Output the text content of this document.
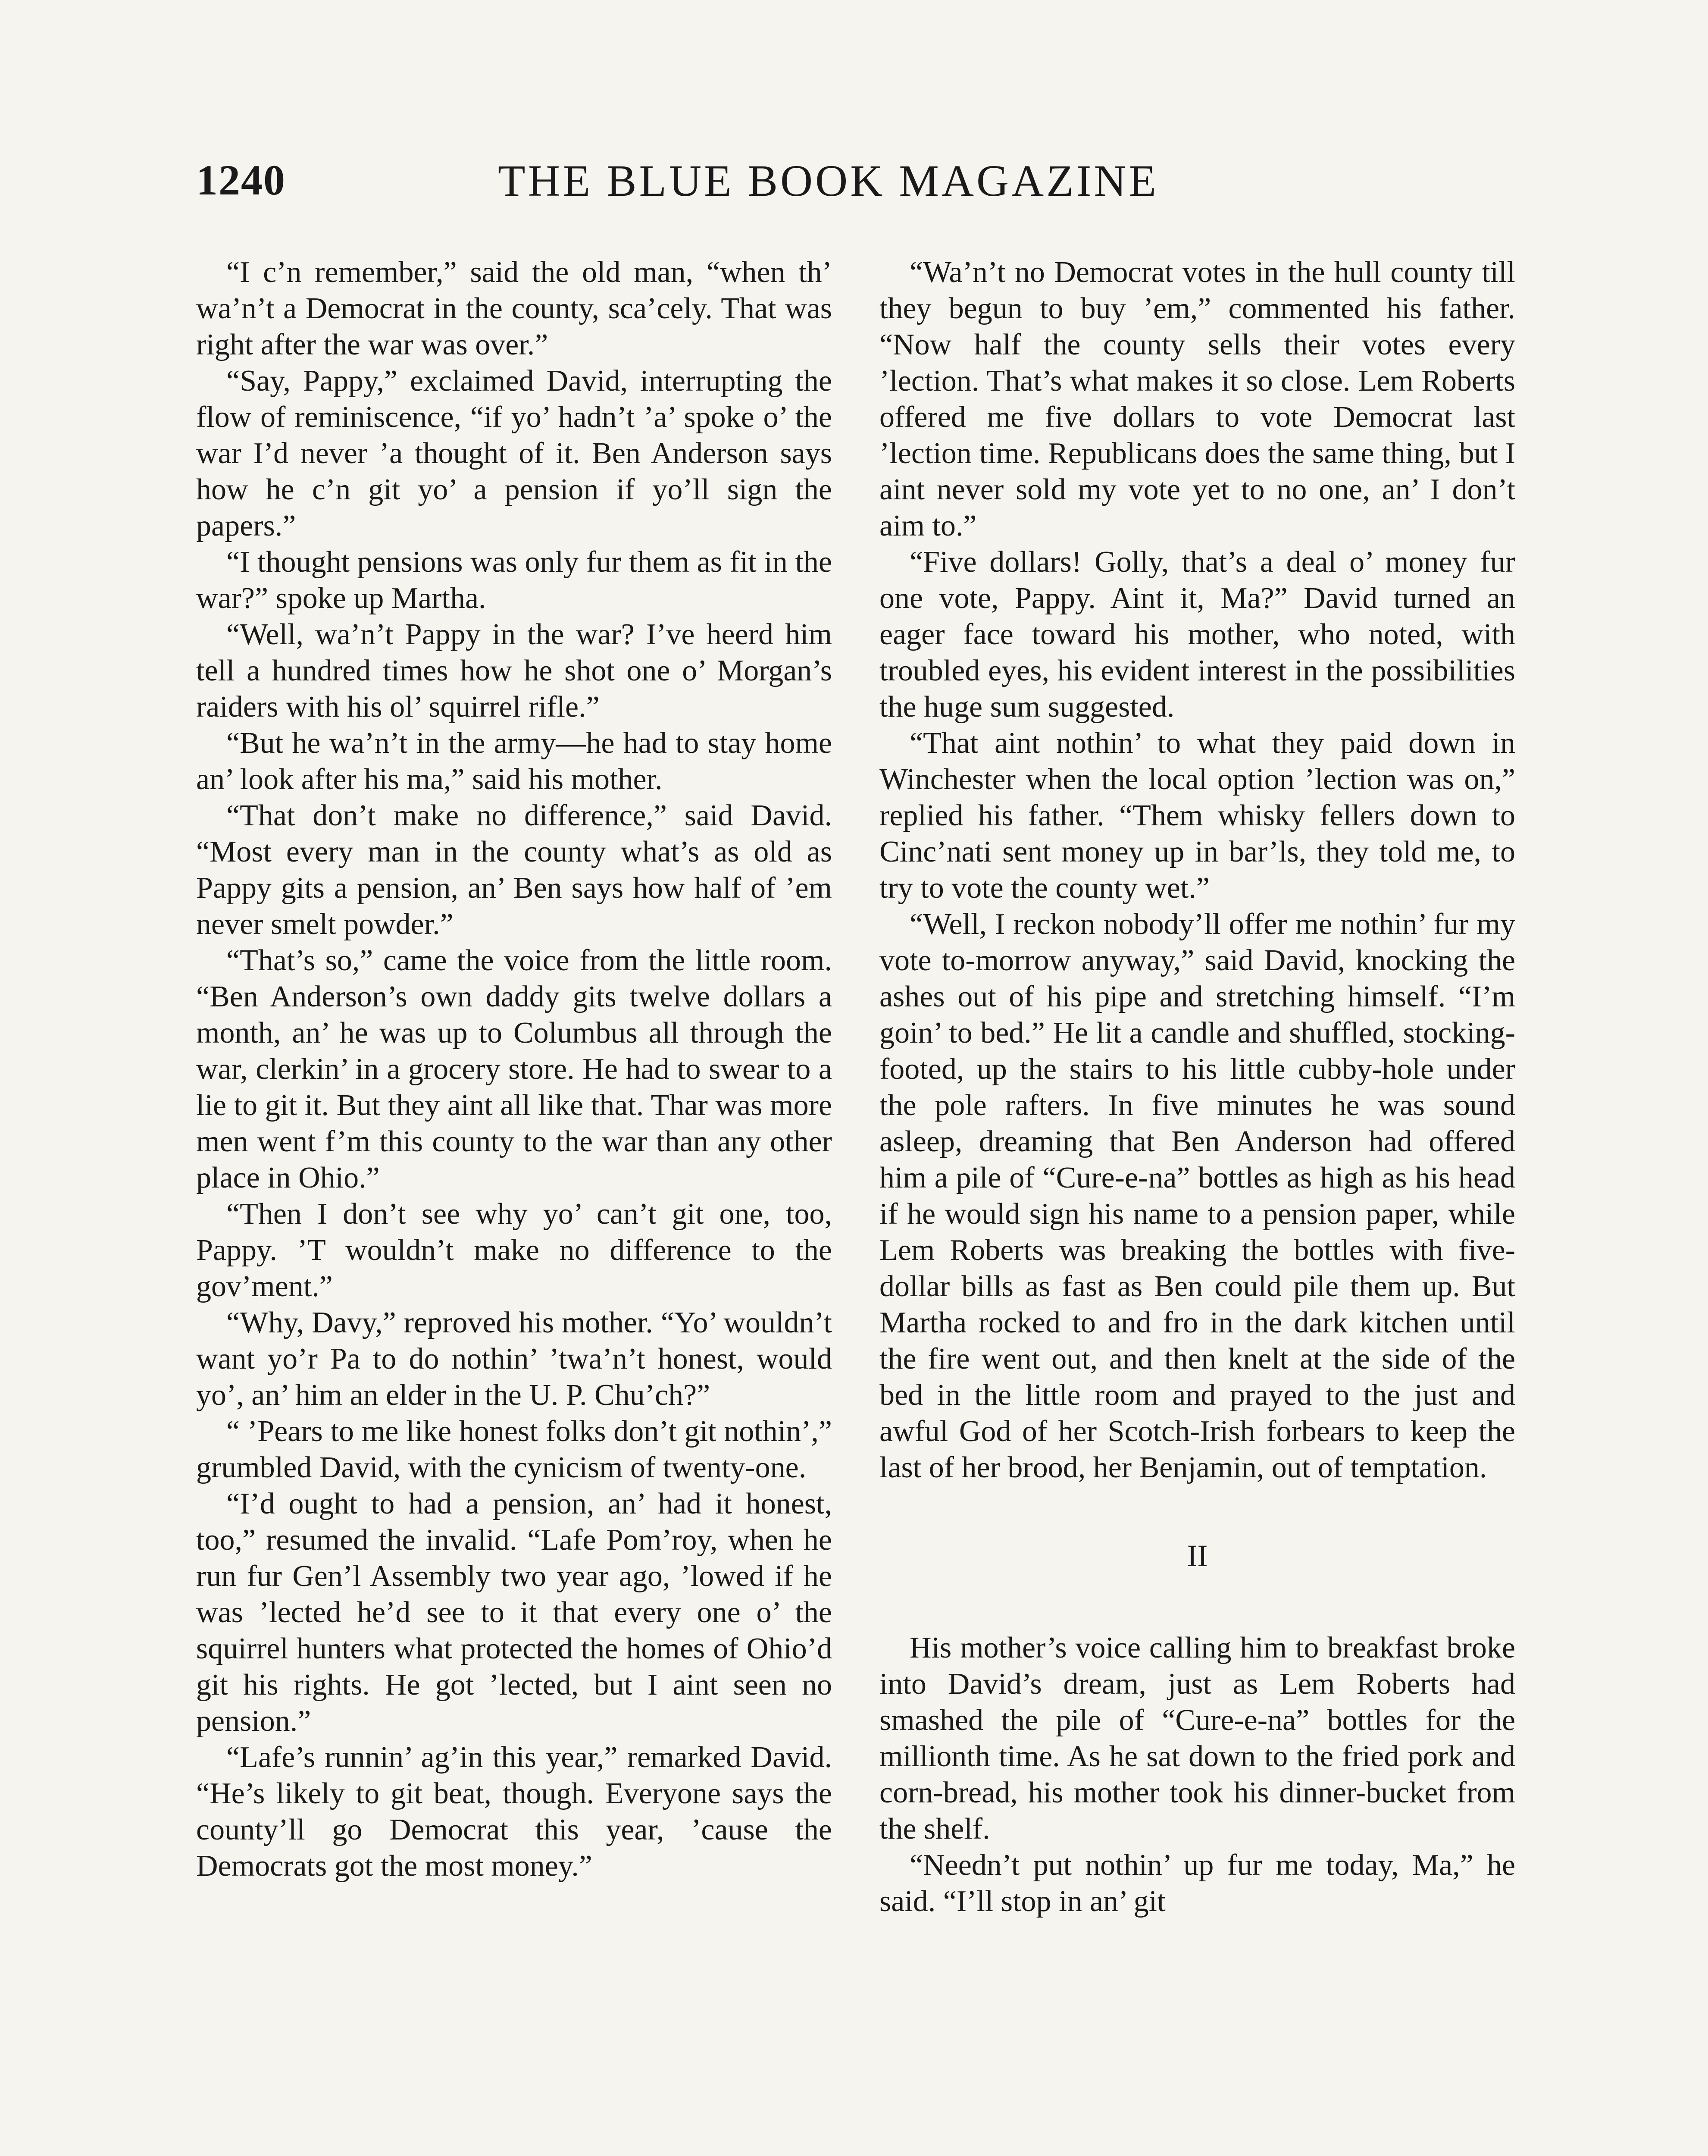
1240	THE BLUE BOOK MAGAZINE

“I c’n remember,” said the old man, “when th’ wa’n’t a Democrat in the county, sca’cely. That was right after the war was over.”

“Say, Pappy,” exclaimed David, interrupting the flow of reminiscence, “if yo’ hadn’t ’a’ spoke o’ the war I’d never ’a thought of it. Ben Anderson says how he c’n git yo’ a pension if yo’ll sign the papers.”

“I thought pensions was only fur them as fit in the war?” spoke up Martha.

“Well, wa’n’t Pappy in the war? I’ve heerd him tell a hundred times how he shot one o’ Morgan’s raiders with his ol’ squirrel rifle.”

“But he wa’n’t in the army—he had to stay home an’ look after his ma,” said his mother.

“That don’t make no difference,” said David. “Most every man in the county what’s as old as Pappy gits a pension, an’ Ben says how half of ’em never smelt powder.”

“That’s so,” came the voice from the little room. “Ben Anderson’s own daddy gits twelve dollars a month, an’ he was up to Columbus all through the war, clerkin’ in a grocery store. He had to swear to a lie to git it. But they aint all like that. Thar was more men went f’m this county to the war than any other place in Ohio.”

“Then I don’t see why yo’ can’t git one, too, Pappy. ’T wouldn’t make no difference to the gov’ment.”

“Why, Davy,” reproved his mother. “Yo’ wouldn’t want yo’r Pa to do nothin’ ’twa’n’t honest, would yo’, an’ him an elder in the U. P. Chu’ch?”

“ ’Pears to me like honest folks don’t git nothin’,” grumbled David, with the cynicism of twenty-one.

“I’d ought to had a pension, an’ had it honest, too,” resumed the invalid. “Lafe Pom’roy, when he run fur Gen’l Assembly two year ago, ’lowed if he was ’lected he’d see to it that every one o’ the squirrel hunters what protected the homes of Ohio’d git his rights. He got ’lected, but I aint seen no pension.”

“Lafe’s runnin’ ag’in this year,” remarked David. “He’s likely to git beat, though. Everyone says the county’ll go Democrat this year, ’cause the Democrats got the most money.”

“Wa’n’t no Democrat votes in the hull county till they begun to buy ’em,” commented his father. “Now half the county sells their votes every ’lection. That’s what makes it so close. Lem Roberts offered me five dollars to vote Democrat last ’lection time. Republicans does the same thing, but I aint never sold my vote yet to no one, an’ I don’t aim to.”

“Five dollars! Golly, that’s a deal o’ money fur one vote, Pappy. Aint it, Ma?” David turned an eager face toward his mother, who noted, with troubled eyes, his evident interest in the possibilities the huge sum suggested.

“That aint nothin’ to what they paid down in Winchester when the local option ’lection was on,” replied his father. “Them whisky fellers down to Cinc’nati sent money up in bar’ls, they told me, to try to vote the county wet.”

“Well, I reckon nobody’ll offer me nothin’ fur my vote to-morrow anyway,” said David, knocking the ashes out of his pipe and stretching himself. “I’m goin’ to bed.” He lit a candle and shuffled, stocking-footed, up the stairs to his little cubby-hole under the pole rafters. In five minutes he was sound asleep, dreaming that Ben Anderson had offered him a pile of “Cure-e-na” bottles as high as his head if he would sign his name to a pension paper, while Lem Roberts was breaking the bottles with five-dollar bills as fast as Ben could pile them up. But Martha rocked to and fro in the dark kitchen until the fire went out, and then knelt at the side of the bed in the little room and prayed to the just and awful God of her Scotch-Irish forbears to keep the last of her brood, her Benjamin, out of temptation.

II

His mother’s voice calling him to breakfast broke into David’s dream, just as Lem Roberts had smashed the pile of “Cure-e-na” bottles for the millionth time. As he sat down to the fried pork and corn-bread, his mother took his dinner-bucket from the shelf.

“Needn’t put nothin’ up fur me today, Ma,” he said. “I’ll stop in an’ git
